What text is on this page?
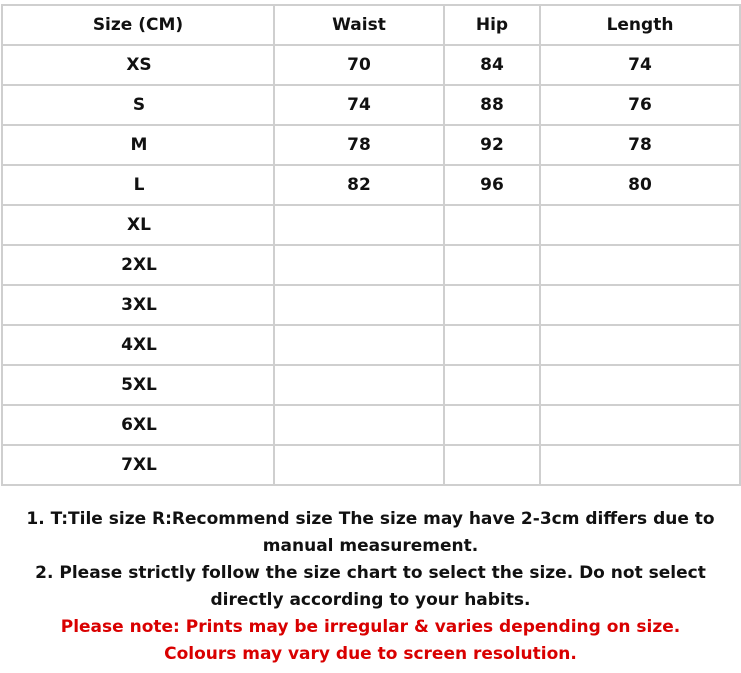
Size (CM)	Waist	Hip	Length
XS	70	84	74
S	74	88	76
M	78	92	78
L	82	96	80
XL			
2XL			
3XL			
4XL			
5XL			
6XL			
7XL			

1. T:Tile size R:Recommend size The size may have 2-3cm differs due to manual measurement.

2. Please strictly follow the size chart to select the size. Do not select directly according to your habits.

Please note: Prints may be irregular & varies depending on size.

Colours may vary due to screen resolution.
